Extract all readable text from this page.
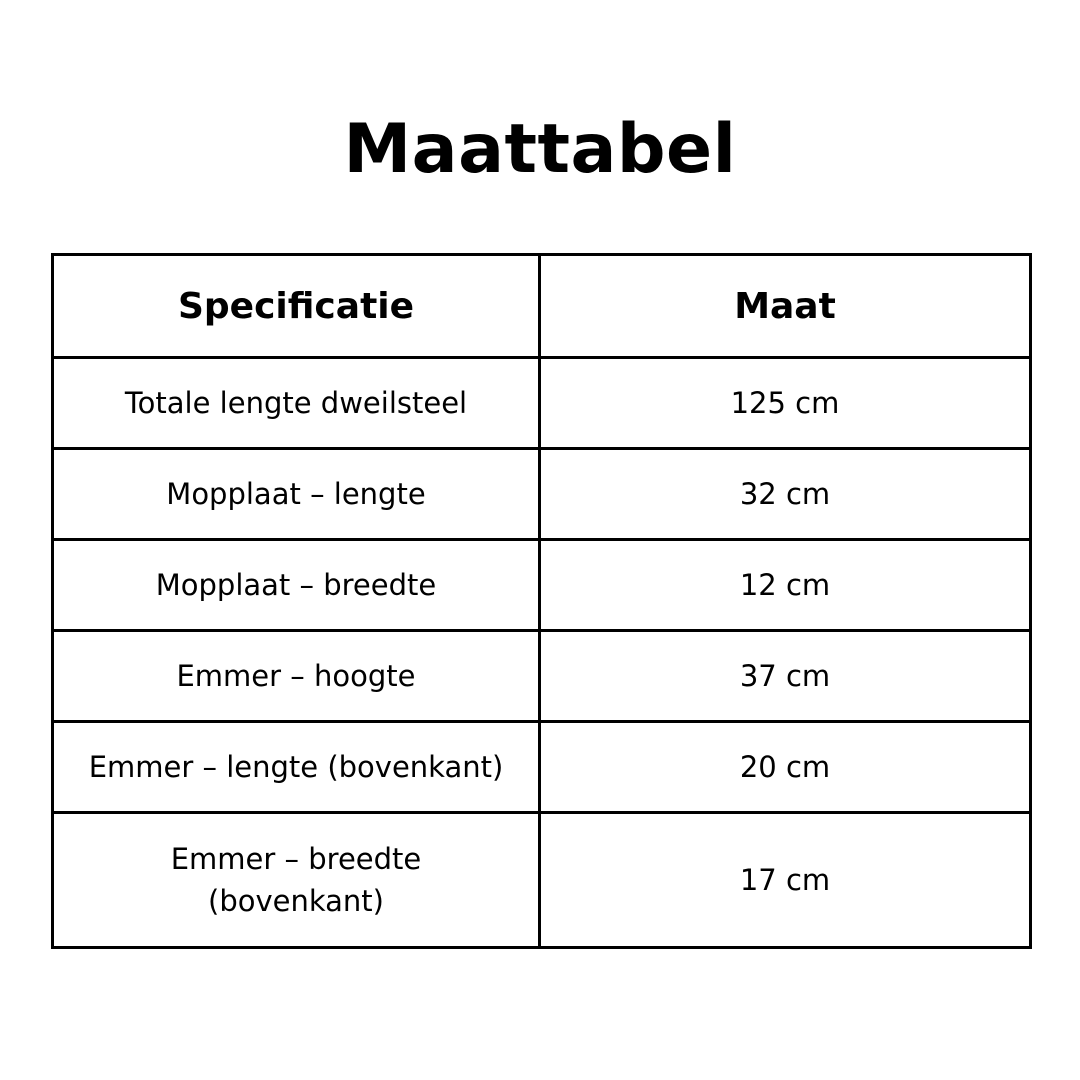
Maattabel
Specificatie	Maat
Totale lengte dweilsteel	125 cm
Mopplaat – lengte	32 cm
Mopplaat – breedte	12 cm
Emmer – hoogte	37 cm
Emmer – lengte (bovenkant)	20 cm

Emmer – breedte (bovenkant)	17 cm
